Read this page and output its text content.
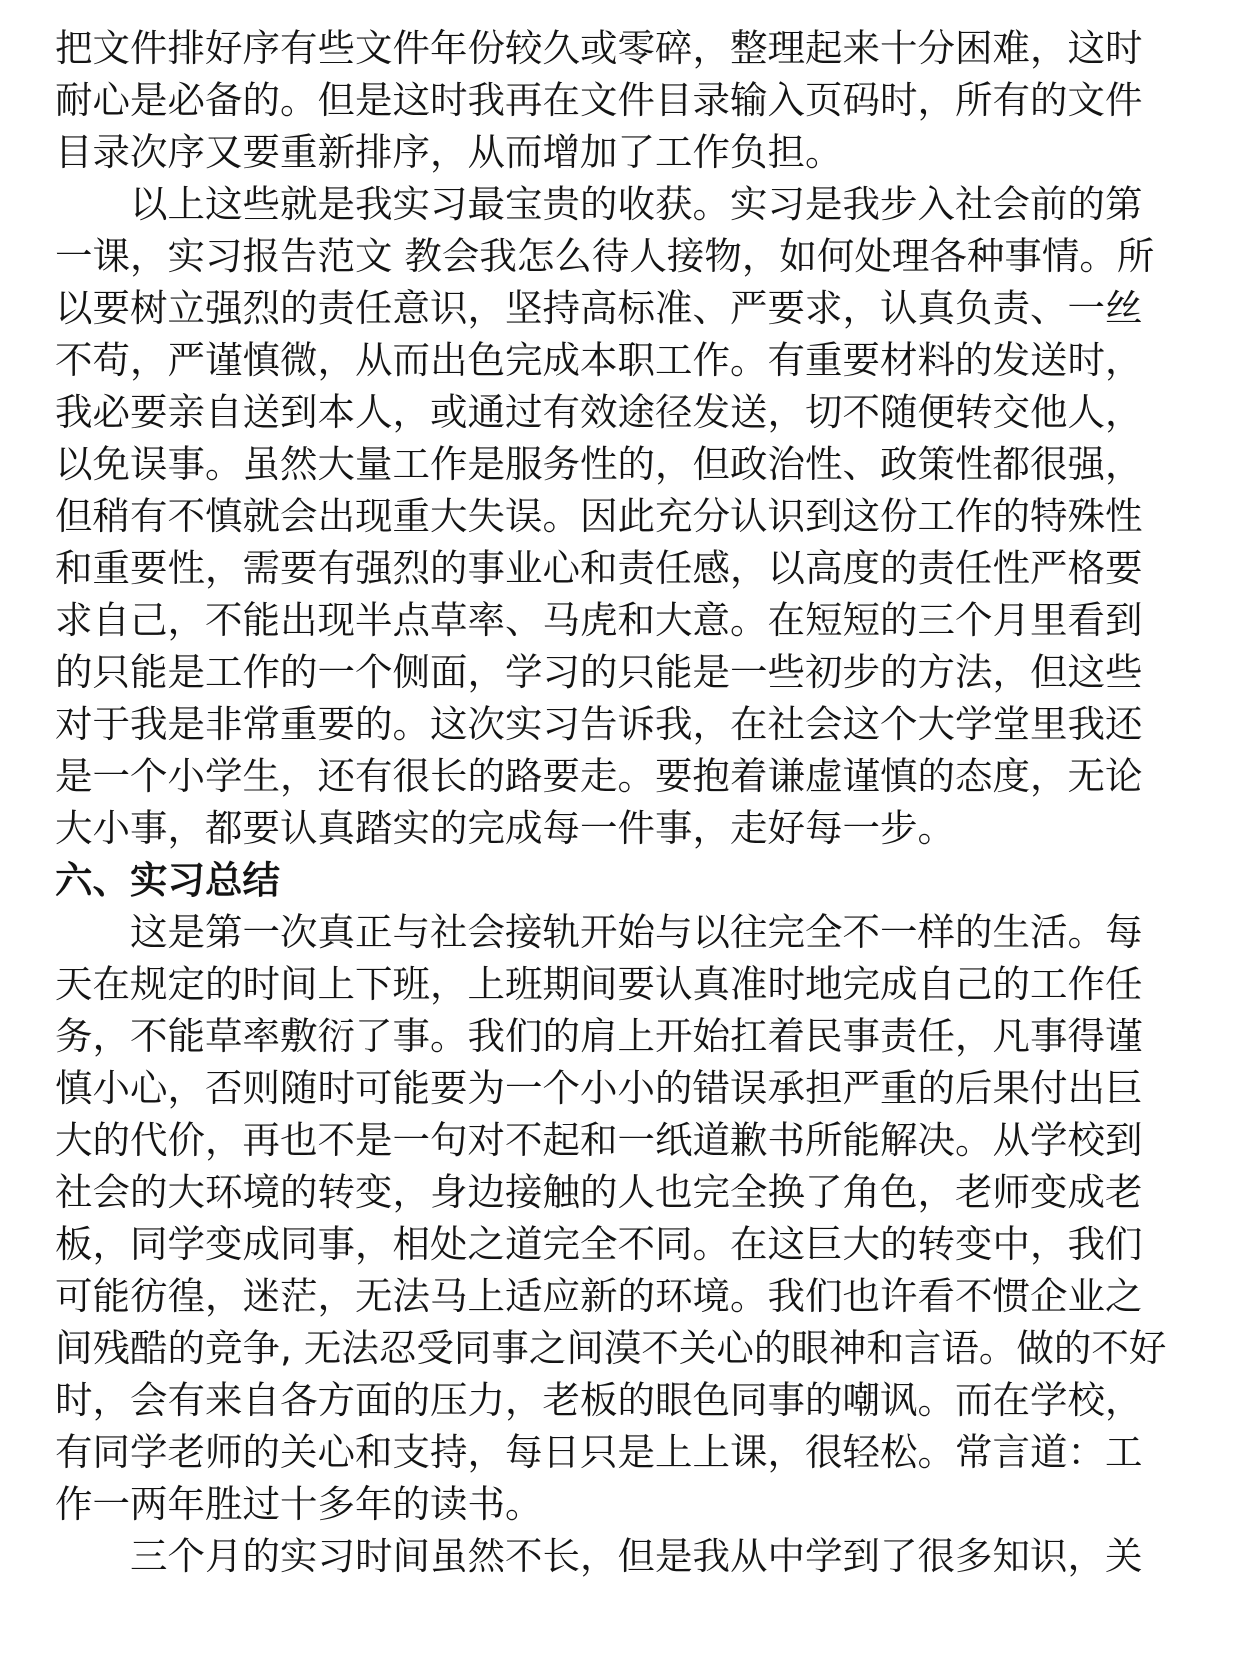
把文件排好序有些文件年份较久或零碎，整理起来十分困难，这时
耐心是必备的。但是这时我再在文件目录输入页码时，所有的文件
目录次序又要重新排序，从而增加了工作负担。
　　以上这些就是我实习最宝贵的收获。实习是我步入社会前的第
一课，实习报告范文 教会我怎么待人接物，如何处理各种事情。所
以要树立强烈的责任意识，坚持高标准、严要求，认真负责、一丝
不苟，严谨慎微，从而出色完成本职工作。有重要材料的发送时，
我必要亲自送到本人，或通过有效途径发送，切不随便转交他人，
以免误事。虽然大量工作是服务性的，但政治性、政策性都很强，
但稍有不慎就会出现重大失误。因此充分认识到这份工作的特殊性
和重要性，需要有强烈的事业心和责任感，以高度的责任性严格要
求自己，不能出现半点草率、马虎和大意。在短短的三个月里看到
的只能是工作的一个侧面，学习的只能是一些初步的方法，但这些
对于我是非常重要的。这次实习告诉我，在社会这个大学堂里我还
是一个小学生，还有很长的路要走。要抱着谦虚谨慎的态度，无论
大小事，都要认真踏实的完成每一件事，走好每一步。
六、实习总结
　　这是第一次真正与社会接轨开始与以往完全不一样的生活。每
天在规定的时间上下班，上班期间要认真准时地完成自己的工作任
务，不能草率敷衍了事。我们的肩上开始扛着民事责任，凡事得谨
慎小心，否则随时可能要为一个小小的错误承担严重的后果付出巨
大的代价，再也不是一句对不起和一纸道歉书所能解决。从学校到
社会的大环境的转变，身边接触的人也完全换了角色，老师变成老
板，同学变成同事，相处之道完全不同。在这巨大的转变中，我们
可能彷徨，迷茫，无法马上适应新的环境。我们也许看不惯企业之
间残酷的竞争, 无法忍受同事之间漠不关心的眼神和言语。做的不好
时，会有来自各方面的压力，老板的眼色同事的嘲讽。而在学校，
有同学老师的关心和支持，每日只是上上课，很轻松。常言道：工
作一两年胜过十多年的读书。
　　三个月的实习时间虽然不长，但是我从中学到了很多知识，关
